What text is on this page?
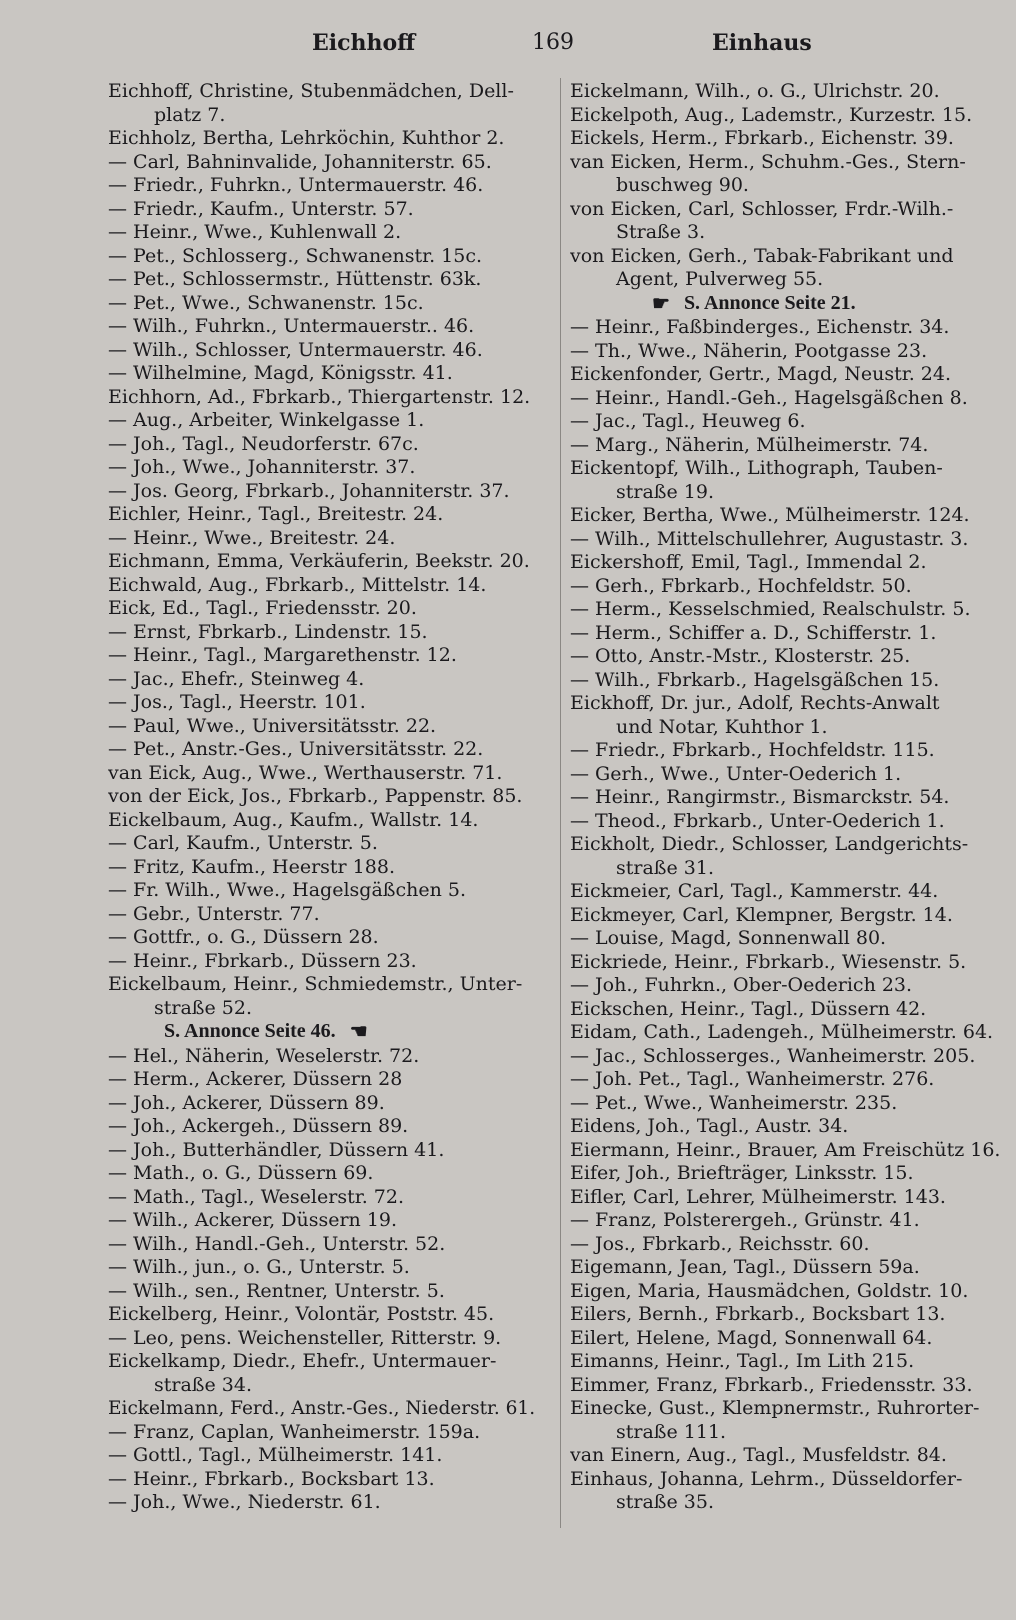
Eichhoff	169	Einhaus
Eichhoff, Christine, Stubenmädchen, Dell-
platz 7.
Eichholz, Bertha, Lehrköchin, Kuhthor 2.
— Carl, Bahninvalide, Johanniterstr. 65.
— Friedr., Fuhrkn., Untermauerstr. 46.
— Friedr., Kaufm., Unterstr. 57.
— Heinr., Wwe., Kuhlenwall 2.
— Pet., Schlosserg., Schwanenstr. 15c.
— Pet., Schlossermstr., Hüttenstr. 63k.
— Pet., Wwe., Schwanenstr. 15c.
— Wilh., Fuhrkn., Untermauerstr.. 46.
— Wilh., Schlosser, Untermauerstr. 46.
— Wilhelmine, Magd, Königsstr. 41.
Eichhorn, Ad., Fbrkarb., Thiergartenstr. 12.
— Aug., Arbeiter, Winkelgasse 1.
— Joh., Tagl., Neudorferstr. 67c.
— Joh., Wwe., Johanniterstr. 37.
— Jos. Georg, Fbrkarb., Johanniterstr. 37.
Eichler, Heinr., Tagl., Breitestr. 24.
— Heinr., Wwe., Breitestr. 24.
Eichmann, Emma, Verkäuferin, Beekstr. 20.
Eichwald, Aug., Fbrkarb., Mittelstr. 14.
Eick, Ed., Tagl., Friedensstr. 20.
— Ernst, Fbrkarb., Lindenstr. 15.
— Heinr., Tagl., Margarethenstr. 12.
— Jac., Ehefr., Steinweg 4.
— Jos., Tagl., Heerstr. 101.
— Paul, Wwe., Universitätsstr. 22.
— Pet., Anstr.-Ges., Universitätsstr. 22.
van Eick, Aug., Wwe., Werthauserstr. 71.
von der Eick, Jos., Fbrkarb., Pappenstr. 85.
Eickelbaum, Aug., Kaufm., Wallstr. 14.
— Carl, Kaufm., Unterstr. 5.
— Fritz, Kaufm., Heerstr 188.
— Fr. Wilh., Wwe., Hagelsgäßchen 5.
— Gebr., Unterstr. 77.
— Gottfr., o. G., Düssern 28.
— Heinr., Fbrkarb., Düssern 23.
Eickelbaum, Heinr., Schmiedemstr., Unter-
straße 52.
S. Annonce Seite 46. ☚
— Hel., Näherin, Weselerstr. 72.
— Herm., Ackerer, Düssern 28
— Joh., Ackerer, Düssern 89.
— Joh., Ackergeh., Düssern 89.
— Joh., Butterhändler, Düssern 41.
— Math., o. G., Düssern 69.
— Math., Tagl., Weselerstr. 72.
— Wilh., Ackerer, Düssern 19.
— Wilh., Handl.-Geh., Unterstr. 52.
— Wilh., jun., o. G., Unterstr. 5.
— Wilh., sen., Rentner, Unterstr. 5.
Eickelberg, Heinr., Volontär, Poststr. 45.
— Leo, pens. Weichensteller, Ritterstr. 9.
Eickelkamp, Diedr., Ehefr., Untermauer-
straße 34.
Eickelmann, Ferd., Anstr.-Ges., Niederstr. 61.
— Franz, Caplan, Wanheimerstr. 159a.
— Gottl., Tagl., Mülheimerstr. 141.
— Heinr., Fbrkarb., Bocksbart 13.
— Joh., Wwe., Niederstr. 61.
Eickelmann, Wilh., o. G., Ulrichstr. 20.
Eickelpoth, Aug., Lademstr., Kurzestr. 15.
Eickels, Herm., Fbrkarb., Eichenstr. 39.
van Eicken, Herm., Schuhm.-Ges., Stern-
buschweg 90.
von Eicken, Carl, Schlosser, Frdr.-Wilh.-
Straße 3.
von Eicken, Gerh., Tabak-Fabrikant und
Agent, Pulverweg 55.
☛ S. Annonce Seite 21.
— Heinr., Faßbinderges., Eichenstr. 34.
— Th., Wwe., Näherin, Pootgasse 23.
Eickenfonder, Gertr., Magd, Neustr. 24.
— Heinr., Handl.-Geh., Hagelsgäßchen 8.
— Jac., Tagl., Heuweg 6.
— Marg., Näherin, Mülheimerstr. 74.
Eickentopf, Wilh., Lithograph, Tauben-
straße 19.
Eicker, Bertha, Wwe., Mülheimerstr. 124.
— Wilh., Mittelschullehrer, Augustastr. 3.
Eickershoff, Emil, Tagl., Immendal 2.
— Gerh., Fbrkarb., Hochfeldstr. 50.
— Herm., Kesselschmied, Realschulstr. 5.
— Herm., Schiffer a. D., Schifferstr. 1.
— Otto, Anstr.-Mstr., Klosterstr. 25.
— Wilh., Fbrkarb., Hagelsgäßchen 15.
Eickhoff, Dr. jur., Adolf, Rechts-Anwalt
und Notar, Kuhthor 1.
— Friedr., Fbrkarb., Hochfeldstr. 115.
— Gerh., Wwe., Unter-Oederich 1.
— Heinr., Rangirmstr., Bismarckstr. 54.
— Theod., Fbrkarb., Unter-Oederich 1.
Eickholt, Diedr., Schlosser, Landgerichts-
straße 31.
Eickmeier, Carl, Tagl., Kammerstr. 44.
Eickmeyer, Carl, Klempner, Bergstr. 14.
— Louise, Magd, Sonnenwall 80.
Eickriede, Heinr., Fbrkarb., Wiesenstr. 5.
— Joh., Fuhrkn., Ober-Oederich 23.
Eickschen, Heinr., Tagl., Düssern 42.
Eidam, Cath., Ladengeh., Mülheimerstr. 64.
— Jac., Schlosserges., Wanheimerstr. 205.
— Joh. Pet., Tagl., Wanheimerstr. 276.
— Pet., Wwe., Wanheimerstr. 235.
Eidens, Joh., Tagl., Austr. 34.
Eiermann, Heinr., Brauer, Am Freischütz 16.
Eifer, Joh., Briefträger, Linksstr. 15.
Eifler, Carl, Lehrer, Mülheimerstr. 143.
— Franz, Polsterergeh., Grünstr. 41.
— Jos., Fbrkarb., Reichsstr. 60.
Eigemann, Jean, Tagl., Düssern 59a.
Eigen, Maria, Hausmädchen, Goldstr. 10.
Eilers, Bernh., Fbrkarb., Bocksbart 13.
Eilert, Helene, Magd, Sonnenwall 64.
Eimanns, Heinr., Tagl., Im Lith 215.
Eimmer, Franz, Fbrkarb., Friedensstr. 33.
Einecke, Gust., Klempnermstr., Ruhrorter-
straße 111.
van Einern, Aug., Tagl., Musfeldstr. 84.
Einhaus, Johanna, Lehrm., Düsseldorfer-
straße 35.
